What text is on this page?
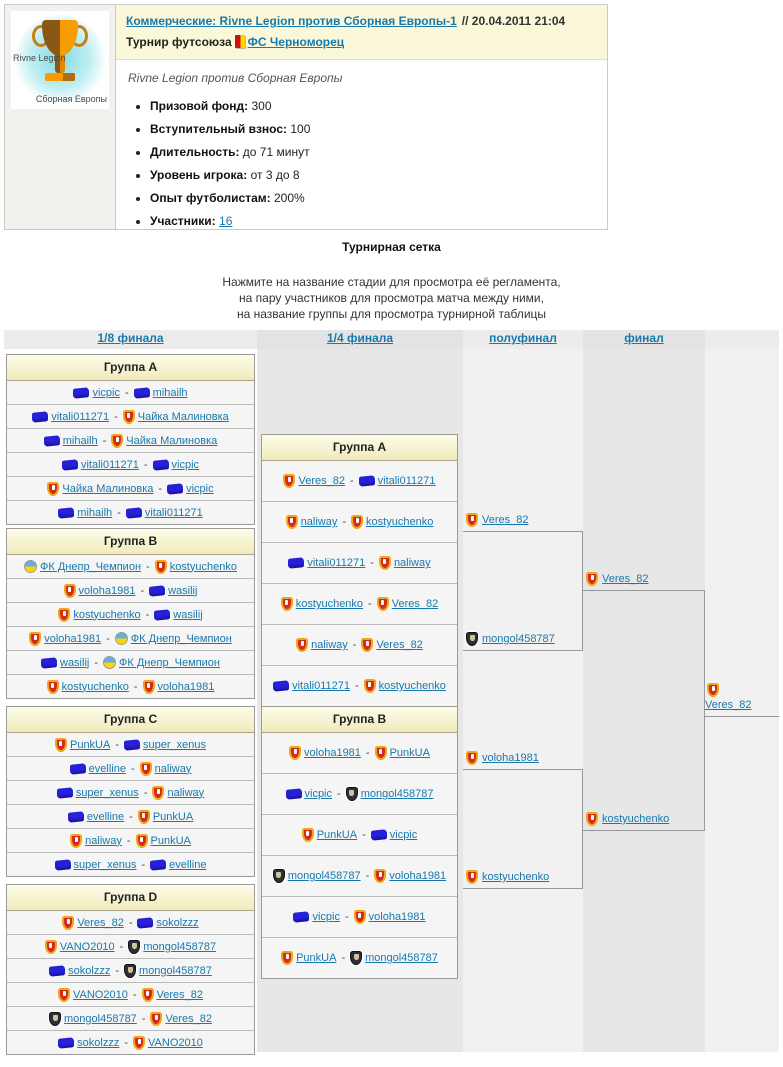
Rivne Legion
Сборная Европы
Коммерческие: Rivne Legion против Сборная Европы-1 // 20.04.2011 21:04
Турнир футсоюза ФС Черноморец
Rivne Legion против Сборная Европы
• Призовой фонд: 300
• Вступительный взнос: 100
• Длительность: до 71 минут
• Уровень игрока: от 3 до 8
• Опыт футболистам: 200%
• Участники: 16
Турнирная сетка
Нажмите на название стадии для просмотра её регламента,
на пару участников для просмотра матча между ними,
на название группы для просмотра турнирной таблицы
1/8 финала	1/4 финала	полуфинал	финал
Группа A
vicpic - mihailh
vitali011271 - Чайка Малиновка
mihailh - Чайка Малиновка
vitali011271 - vicpic
Чайка Малиновка - vicpic
mihailh - vitali011271
Группа B
ФК Днепр_Чемпион - kostyuchenko
voloha1981 - wasilij
kostyuchenko - wasilij
voloha1981 - ФК Днепр_Чемпион
wasilij - ФК Днепр_Чемпион
kostyuchenko - voloha1981
Группа C
PunkUA - super_xenus
evelline - naliway
super_xenus - naliway
evelline - PunkUA
naliway - PunkUA
super_xenus - evelline
Группа D
Veres_82 - sokolzzz
VANO2010 - mongol458787
sokolzzz - mongol458787
VANO2010 - Veres_82
mongol458787 - Veres_82
sokolzzz - VANO2010
Группа A
Veres_82 - vitali011271
naliway - kostyuchenko
vitali011271 - naliway
kostyuchenko - Veres_82
naliway - Veres_82
vitali011271 - kostyuchenko
Группа B
voloha1981 - PunkUA
vicpic - mongol458787
PunkUA - vicpic
mongol458787 - voloha1981
vicpic - voloha1981
PunkUA - mongol458787
Veres_82
mongol458787
voloha1981
kostyuchenko
Veres_82
kostyuchenko
Veres_82
